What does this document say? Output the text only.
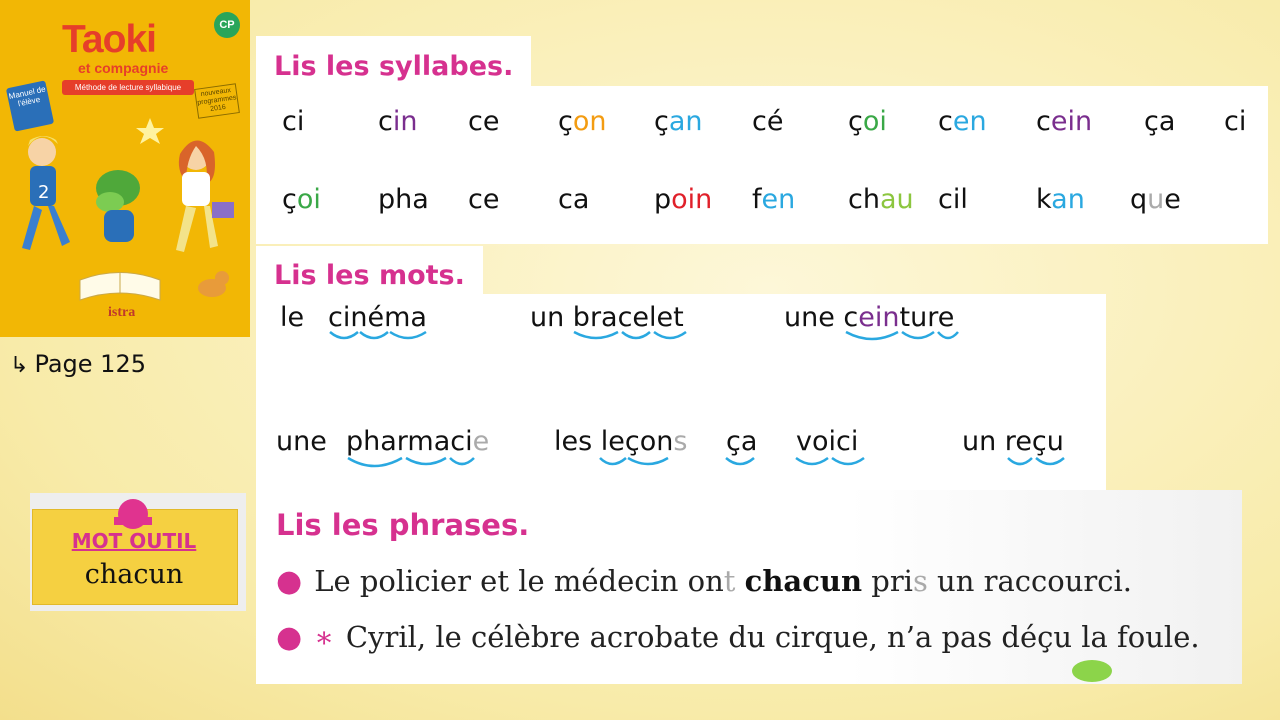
Taoki
et compagnie
Méthode de lecture syllabique
CP
Manuel de l'élève
nouveaux programmes 2016
2
istra
↳ Page 125
Lis les syllabes.
ci	cin ce çon çan cé çoi cen cein ça ci
çoi pha ce ca poin fen chau cil	kan que
Lis les mots.
le cinéma	un bracelet	une ceinture
une pharmacie les leçons ça voici	un reçu
MOT OUTIL
chacun
Lis les phrases.
● Le policier et le médecin ont chacun pris un raccourci.
● ∗ Cyril, le célèbre acrobate du cirque, n’a pas déçu la foule.
